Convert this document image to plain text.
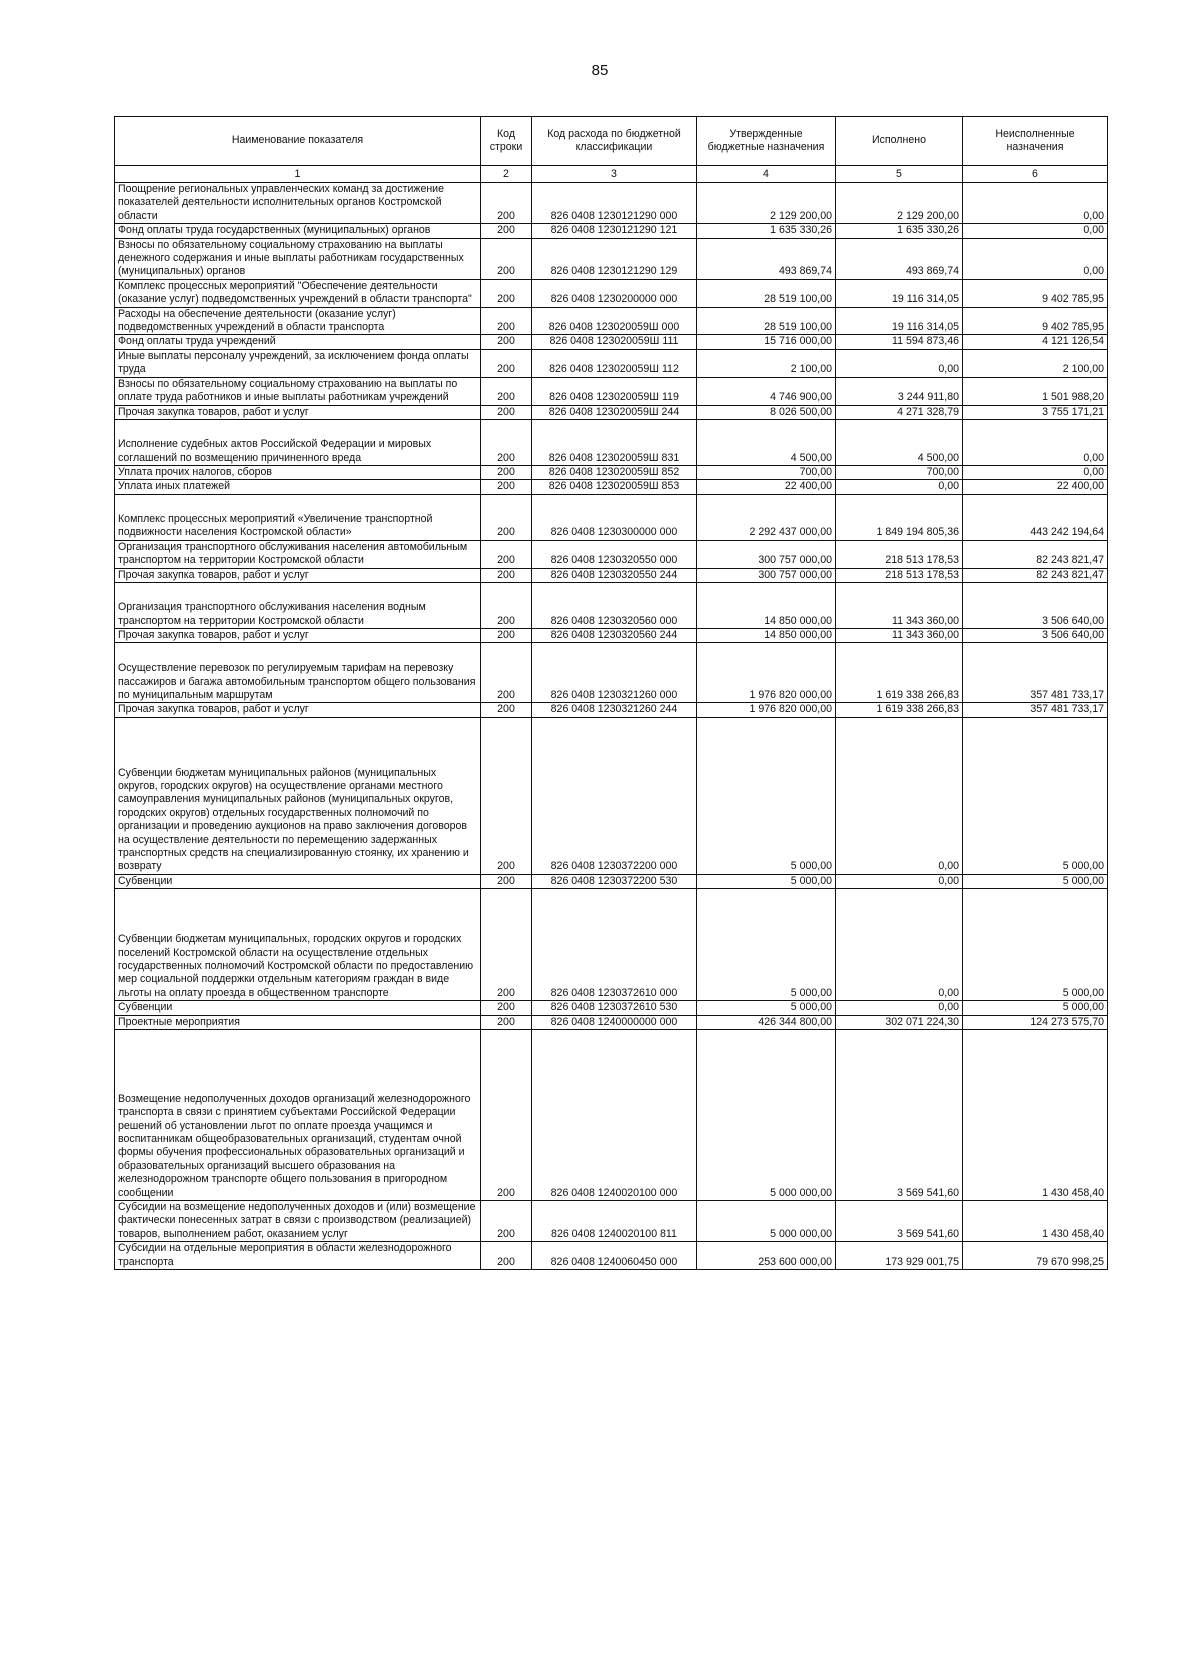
85
Наименование показателя	Код строки	Код расхода по бюджетной классификации	Утвержденные бюджетные назначения	Исполнено	Неисполненные назначения
1	2	3	4	5	6
Поощрение региональных управленческих команд за достижение показателей деятельности исполнительных органов Костромской области	200	826 0408 1230121290 000	2 129 200,00	2 129 200,00	0,00
Фонд оплаты труда государственных (муниципальных) органов	200	826 0408 1230121290 121	1 635 330,26	1 635 330,26	0,00
Взносы по обязательному социальному страхованию на выплаты денежного содержания и иные выплаты работникам государственных (муниципальных) органов	200	826 0408 1230121290 129	493 869,74	493 869,74	0,00
Комплекс процессных мероприятий "Обеспечение деятельности (оказание услуг) подведомственных учреждений в области транспорта"	200	826 0408 1230200000 000	28 519 100,00	19 116 314,05	9 402 785,95
Расходы на обеспечение деятельности (оказание услуг) подведомственных учреждений в области транспорта	200	826 0408 123020059Ш 000	28 519 100,00	19 116 314,05	9 402 785,95
Фонд оплаты труда учреждений	200	826 0408 123020059Ш 111	15 716 000,00	11 594 873,46	4 121 126,54
Иные выплаты персоналу учреждений, за исключением фонда оплаты труда	200	826 0408 123020059Ш 112	2 100,00	0,00	2 100,00
Взносы по обязательному социальному страхованию на выплаты по оплате труда работников и иные выплаты работникам учреждений	200	826 0408 123020059Ш 119	4 746 900,00	3 244 911,80	1 501 988,20
Прочая закупка товаров, работ и услуг	200	826 0408 123020059Ш 244	8 026 500,00	4 271 328,79	3 755 171,21
Исполнение судебных актов Российской Федерации и мировых соглашений по возмещению причиненного вреда	200	826 0408 123020059Ш 831	4 500,00	4 500,00	0,00
Уплата прочих налогов, сборов	200	826 0408 123020059Ш 852	700,00	700,00	0,00
Уплата иных платежей	200	826 0408 123020059Ш 853	22 400,00	0,00	22 400,00
Комплекс процессных мероприятий «Увеличение транспортной подвижности населения Костромской области»	200	826 0408 1230300000 000	2 292 437 000,00	1 849 194 805,36	443 242 194,64
Организация транспортного обслуживания населения автомобильным транспортом на территории Костромской области	200	826 0408 1230320550 000	300 757 000,00	218 513 178,53	82 243 821,47
Прочая закупка товаров, работ и услуг	200	826 0408 1230320550 244	300 757 000,00	218 513 178,53	82 243 821,47
Организация транспортного обслуживания населения водным транспортом на территории Костромской области	200	826 0408 1230320560 000	14 850 000,00	11 343 360,00	3 506 640,00
Прочая закупка товаров, работ и услуг	200	826 0408 1230320560 244	14 850 000,00	11 343 360,00	3 506 640,00
Осуществление перевозок по регулируемым тарифам на перевозку пассажиров и багажа автомобильным транспортом общего пользования по муниципальным маршрутам	200	826 0408 1230321260 000	1 976 820 000,00	1 619 338 266,83	357 481 733,17
Прочая закупка товаров, работ и услуг	200	826 0408 1230321260 244	1 976 820 000,00	1 619 338 266,83	357 481 733,17
Субвенции бюджетам муниципальных районов (муниципальных округов, городских округов) на осуществление органами местного самоуправления муниципальных районов (муниципальных округов, городских округов) отдельных государственных полномочий по организации и проведению аукционов на право заключения договоров на осуществление деятельности по перемещению задержанных транспортных средств на специализированную стоянку, их хранению и возврату	200	826 0408 1230372200 000	5 000,00	0,00	5 000,00
Субвенции	200	826 0408 1230372200 530	5 000,00	0,00	5 000,00
Субвенции бюджетам муниципальных, городских округов и городских поселений Костромской области на осуществление отдельных государственных полномочий Костромской области по предоставлению мер социальной поддержки отдельным категориям граждан в виде льготы на оплату проезда в общественном транспорте	200	826 0408 1230372610 000	5 000,00	0,00	5 000,00
Субвенции	200	826 0408 1230372610 530	5 000,00	0,00	5 000,00
Проектные мероприятия	200	826 0408 1240000000 000	426 344 800,00	302 071 224,30	124 273 575,70
Возмещение недополученных доходов организаций железнодорожного транспорта в связи с принятием субъектами Российской Федерации решений об установлении льгот по оплате проезда учащимся и воспитанникам общеобразовательных организаций, студентам очной формы обучения профессиональных образовательных организаций и образовательных организаций высшего образования на железнодорожном транспорте общего пользования в пригородном сообщении	200	826 0408 1240020100 000	5 000 000,00	3 569 541,60	1 430 458,40
Субсидии на возмещение недополученных доходов и (или) возмещение фактически понесенных затрат в связи с производством (реализацией) товаров, выполнением работ, оказанием услуг	200	826 0408 1240020100 811	5 000 000,00	3 569 541,60	1 430 458,40
Субсидии на отдельные мероприятия в области железнодорожного транспорта	200	826 0408 1240060450 000	253 600 000,00	173 929 001,75	79 670 998,25
